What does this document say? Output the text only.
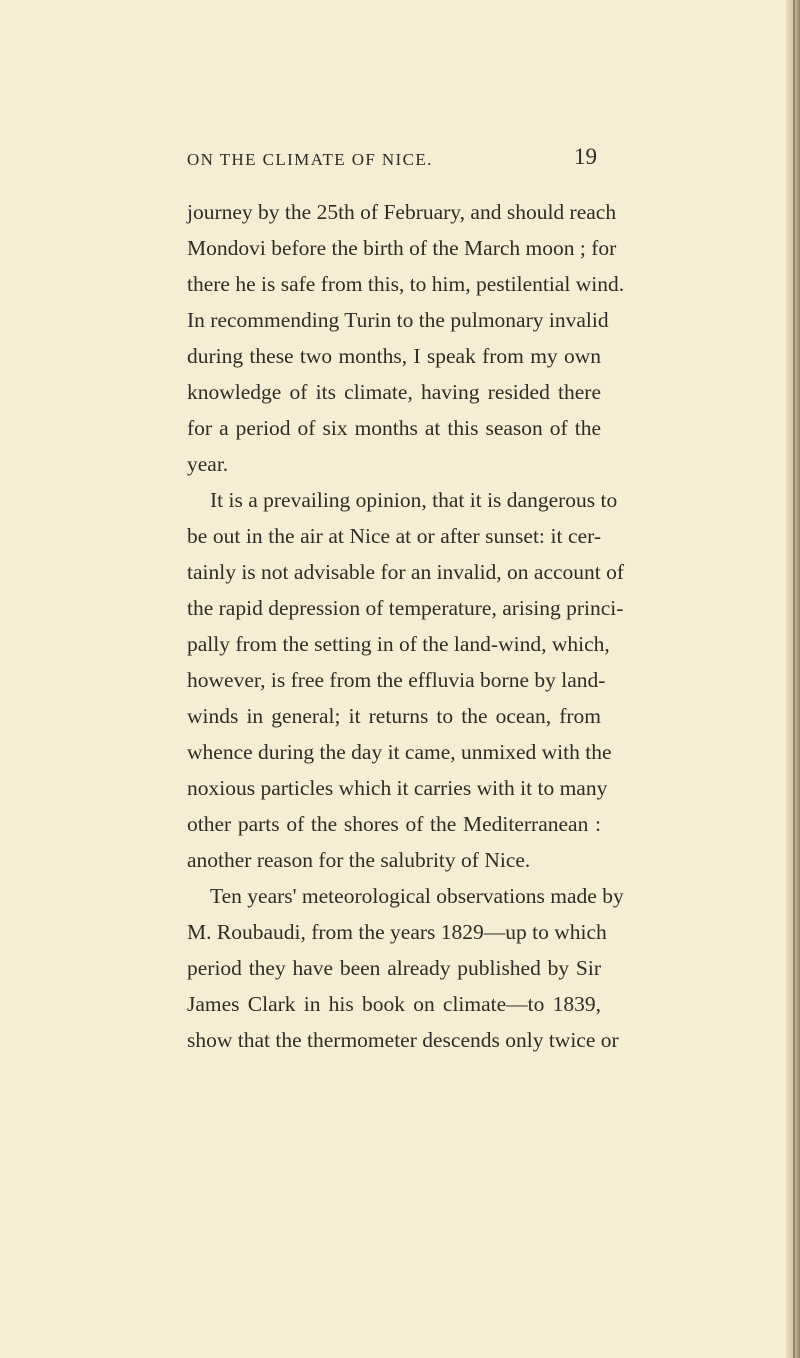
ON THE CLIMATE OF NICE.	19
journey by the 25th of February, and should reach
Mondovi before the birth of the March moon ; for
there he is safe from this, to him, pestilential wind.
In recommending Turin to the pulmonary invalid
during these two months, I speak from my own
knowledge of its climate, having resided there
for a period of six months at this season of the
year.
It is a prevailing opinion, that it is dangerous to
be out in the air at Nice at or after sunset: it cer-
tainly is not advisable for an invalid, on account of
the rapid depression of temperature, arising princi-
pally from the setting in of the land-wind, which,
however, is free from the effluvia borne by land-
winds in general; it returns to the ocean, from
whence during the day it came, unmixed with the
noxious particles which it carries with it to many
other parts of the shores of the Mediterranean :
another reason for the salubrity of Nice.
Ten years' meteorological observations made by
M. Roubaudi, from the years 1829—up to which
period they have been already published by Sir
James Clark in his book on climate—to 1839,
show that the thermometer descends only twice or
